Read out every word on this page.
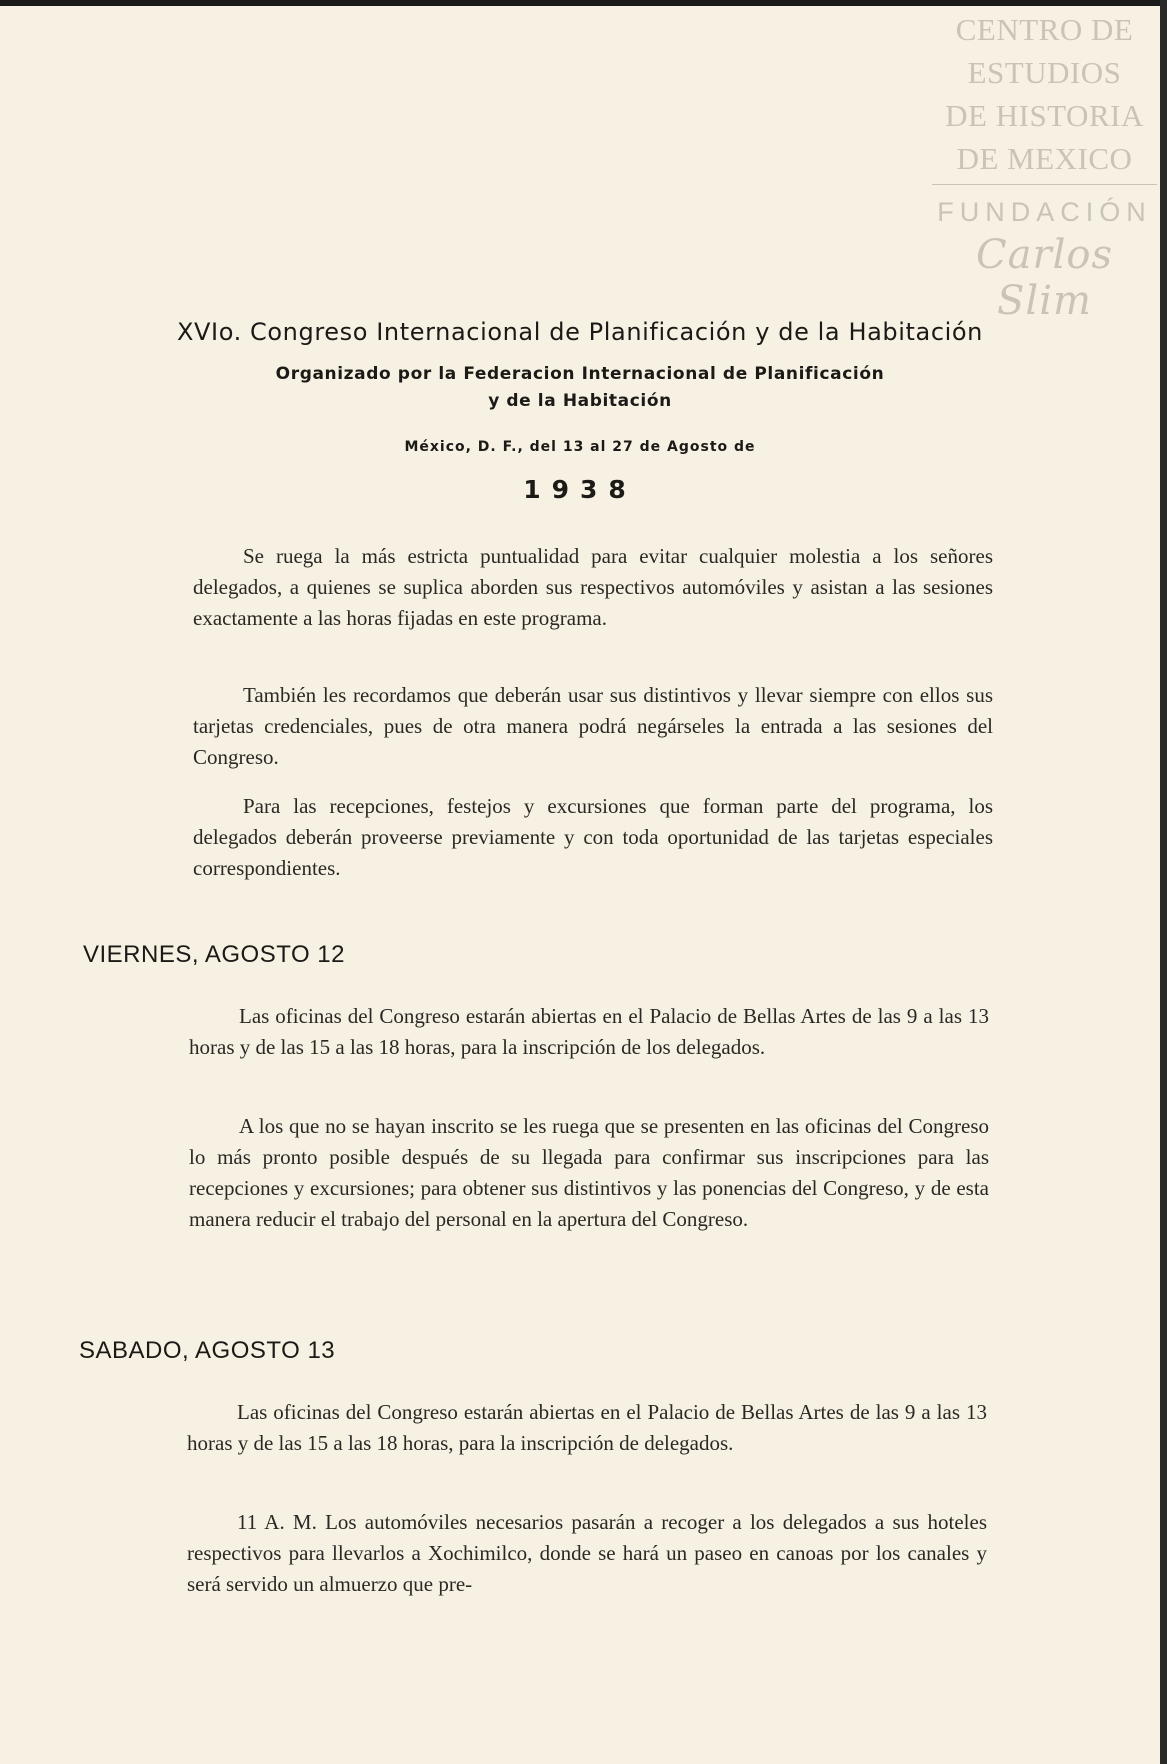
CENTRO DE
ESTUDIOS
DE HISTORIA
DE MEXICO
FUNDACIÓN
Carlos Slim
XVIo. Congreso Internacional de Planificación y de la Habitación
Organizado por la Federacion Internacional de Planificación
y de la Habitación
México, D. F., del 13 al 27 de Agosto de
1938

Se ruega la más estricta puntualidad para evitar cualquier molestia a los señores delegados, a quienes se suplica aborden sus respectivos automóviles y asistan a las sesiones exactamente a las horas fijadas en este programa.

También les recordamos que deberán usar sus distintivos y llevar siempre con ellos sus tarjetas credenciales, pues de otra manera podrá negárseles la entrada a las sesiones del Congreso.

Para las recepciones, festejos y excursiones que forman parte del programa, los delegados deberán proveerse previamente y con toda oportunidad de las tarjetas especiales correspondientes.

VIERNES, AGOSTO 12

Las oficinas del Congreso estarán abiertas en el Palacio de Bellas Artes de las 9 a las 13 horas y de las 15 a las 18 horas, para la inscripción de los delegados.

A los que no se hayan inscrito se les ruega que se presenten en las oficinas del Congreso lo más pronto posible después de su llegada para confirmar sus inscripciones para las recepciones y excursiones; para obtener sus distintivos y las ponencias del Congreso, y de esta manera reducir el trabajo del personal en la apertura del Congreso.

SABADO, AGOSTO 13

Las oficinas del Congreso estarán abiertas en el Palacio de Bellas Artes de las 9 a las 13 horas y de las 15 a las 18 horas, para la inscripción de delegados.

11 A. M. Los automóviles necesarios pasarán a recoger a los delegados a sus hoteles respectivos para llevarlos a Xochimilco, donde se hará un paseo en canoas por los canales y será servido un almuerzo que pre-
